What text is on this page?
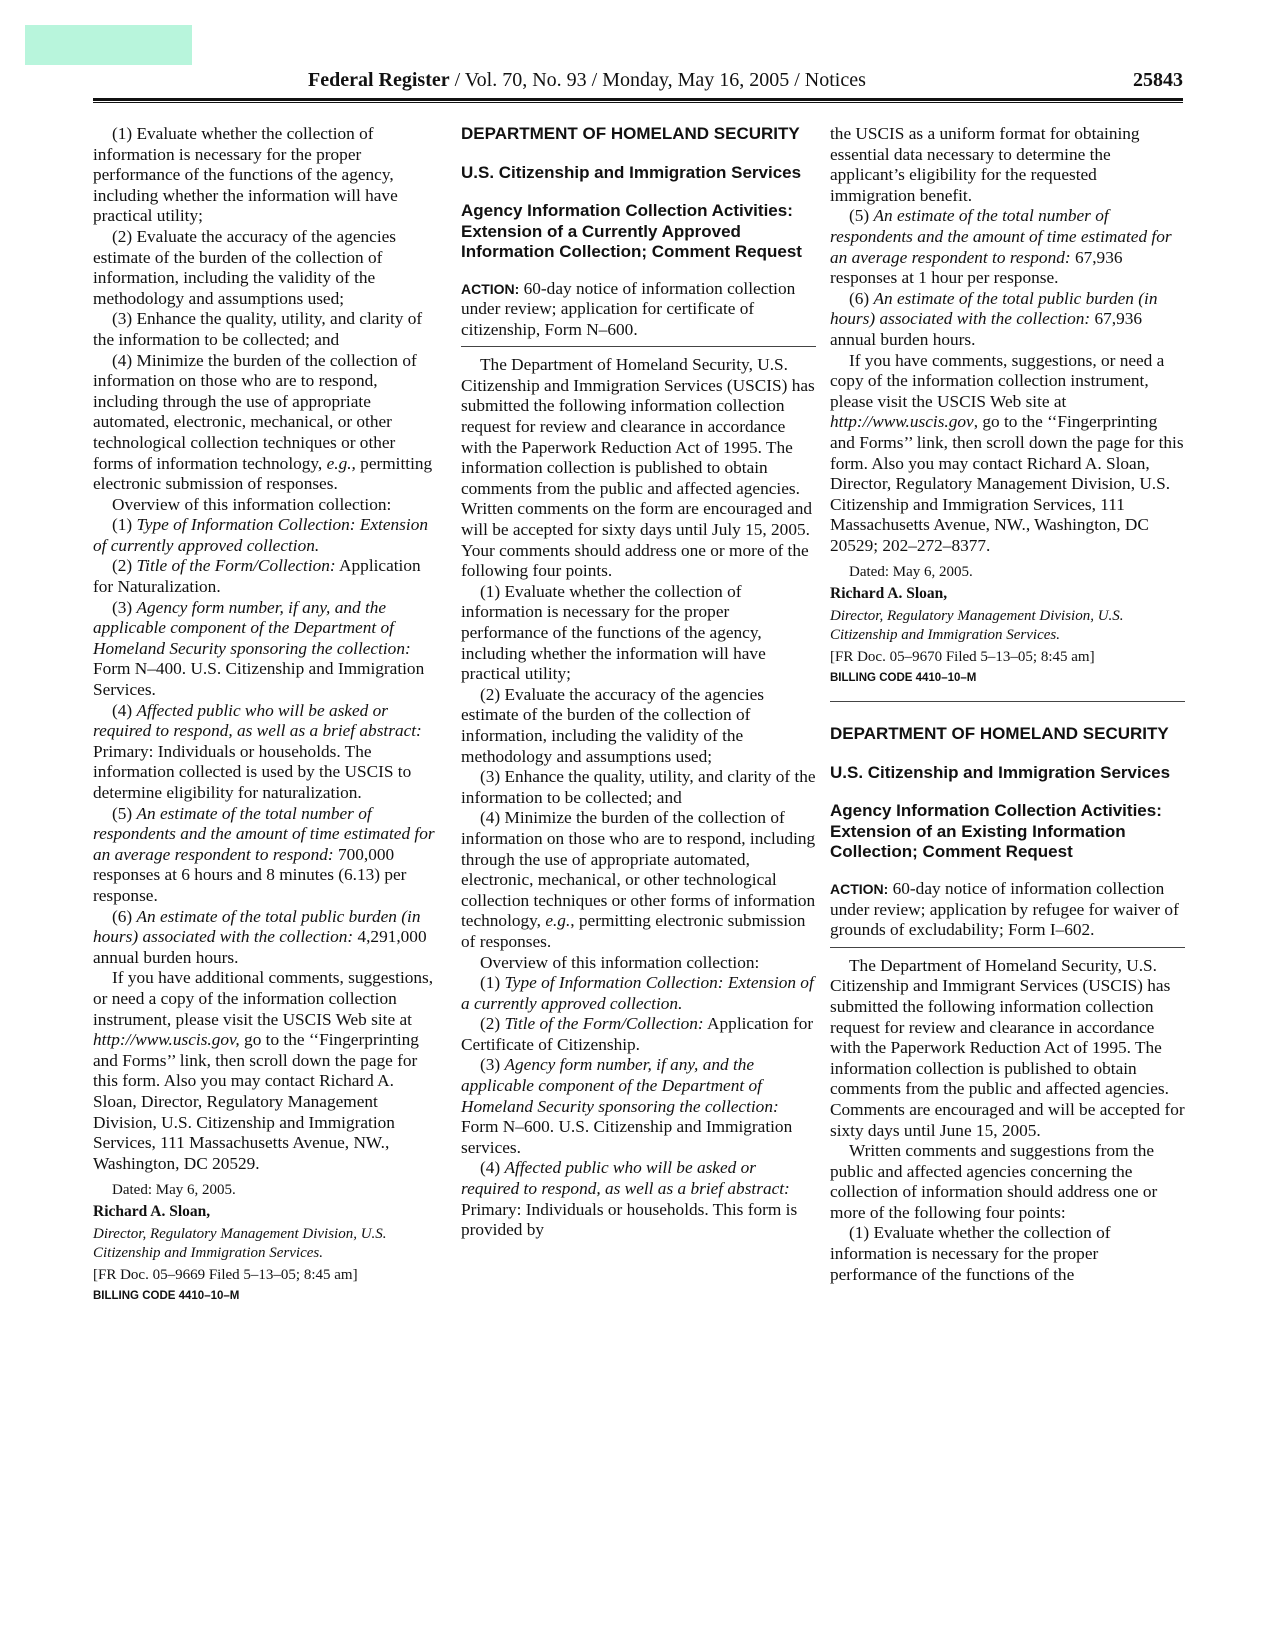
Federal Register / Vol. 70, No. 93 / Monday, May 16, 2005 / Notices	25843

(1) Evaluate whether the collection of information is necessary for the proper performance of the functions of the agency, including whether the information will have practical utility;

(2) Evaluate the accuracy of the agencies estimate of the burden of the collection of information, including the validity of the methodology and assumptions used;

(3) Enhance the quality, utility, and clarity of the information to be collected; and

(4) Minimize the burden of the collection of information on those who are to respond, including through the use of appropriate automated, electronic, mechanical, or other technological collection techniques or other forms of information technology, e.g., permitting electronic submission of responses.

Overview of this information collection:

(1) Type of Information Collection: Extension of currently approved collection.

(2) Title of the Form/Collection: Application for Naturalization.

(3) Agency form number, if any, and the applicable component of the Department of Homeland Security sponsoring the collection: Form N–400. U.S. Citizenship and Immigration Services.

(4) Affected public who will be asked or required to respond, as well as a brief abstract: Primary: Individuals or households. The information collected is used by the USCIS to determine eligibility for naturalization.

(5) An estimate of the total number of respondents and the amount of time estimated for an average respondent to respond: 700,000 responses at 6 hours and 8 minutes (6.13) per response.

(6) An estimate of the total public burden (in hours) associated with the collection: 4,291,000 annual burden hours.

If you have additional comments, suggestions, or need a copy of the information collection instrument, please visit the USCIS Web site at http://www.uscis.gov, go to the ‘‘Fingerprinting and Forms’’ link, then scroll down the page for this form. Also you may contact Richard A. Sloan, Director, Regulatory Management Division, U.S. Citizenship and Immigration Services, 111 Massachusetts Avenue, NW., Washington, DC 20529.

Dated: May 6, 2005.

Richard A. Sloan,

Director, Regulatory Management Division, U.S. Citizenship and Immigration Services.

[FR Doc. 05–9669 Filed 5–13–05; 8:45 am]

BILLING CODE 4410–10–M

DEPARTMENT OF HOMELAND SECURITY
U.S. Citizenship and Immigration Services
Agency Information Collection Activities: Extension of a Currently Approved Information Collection; Comment Request

ACTION: 60-day notice of information collection under review; application for certificate of citizenship, Form N–600.

The Department of Homeland Security, U.S. Citizenship and Immigration Services (USCIS) has submitted the following information collection request for review and clearance in accordance with the Paperwork Reduction Act of 1995. The information collection is published to obtain comments from the public and affected agencies. Written comments on the form are encouraged and will be accepted for sixty days until July 15, 2005. Your comments should address one or more of the following four points.

(1) Evaluate whether the collection of information is necessary for the proper performance of the functions of the agency, including whether the information will have practical utility;

(2) Evaluate the accuracy of the agencies estimate of the burden of the collection of information, including the validity of the methodology and assumptions used;

(3) Enhance the quality, utility, and clarity of the information to be collected; and

(4) Minimize the burden of the collection of information on those who are to respond, including through the use of appropriate automated, electronic, mechanical, or other technological collection techniques or other forms of information technology, e.g., permitting electronic submission of responses.

Overview of this information collection:

(1) Type of Information Collection: Extension of a currently approved collection.

(2) Title of the Form/Collection: Application for Certificate of Citizenship.

(3) Agency form number, if any, and the applicable component of the Department of Homeland Security sponsoring the collection: Form N–600. U.S. Citizenship and Immigration services.

(4) Affected public who will be asked or required to respond, as well as a brief abstract: Primary: Individuals or households. This form is provided by

the USCIS as a uniform format for obtaining essential data necessary to determine the applicant’s eligibility for the requested immigration benefit.

(5) An estimate of the total number of respondents and the amount of time estimated for an average respondent to respond: 67,936 responses at 1 hour per response.

(6) An estimate of the total public burden (in hours) associated with the collection: 67,936 annual burden hours.

If you have comments, suggestions, or need a copy of the information collection instrument, please visit the USCIS Web site at http://www.uscis.gov, go to the ‘‘Fingerprinting and Forms’’ link, then scroll down the page for this form. Also you may contact Richard A. Sloan, Director, Regulatory Management Division, U.S. Citizenship and Immigration Services, 111 Massachusetts Avenue, NW., Washington, DC 20529; 202–272–8377.

Dated: May 6, 2005.

Richard A. Sloan,

Director, Regulatory Management Division, U.S. Citizenship and Immigration Services.

[FR Doc. 05–9670 Filed 5–13–05; 8:45 am]

BILLING CODE 4410–10–M

DEPARTMENT OF HOMELAND SECURITY
U.S. Citizenship and Immigration Services
Agency Information Collection Activities: Extension of an Existing Information Collection; Comment Request

ACTION: 60-day notice of information collection under review; application by refugee for waiver of grounds of excludability; Form I–602.

The Department of Homeland Security, U.S. Citizenship and Immigrant Services (USCIS) has submitted the following information collection request for review and clearance in accordance with the Paperwork Reduction Act of 1995. The information collection is published to obtain comments from the public and affected agencies. Comments are encouraged and will be accepted for sixty days until June 15, 2005.

Written comments and suggestions from the public and affected agencies concerning the collection of information should address one or more of the following four points:

(1) Evaluate whether the collection of information is necessary for the proper performance of the functions of the
